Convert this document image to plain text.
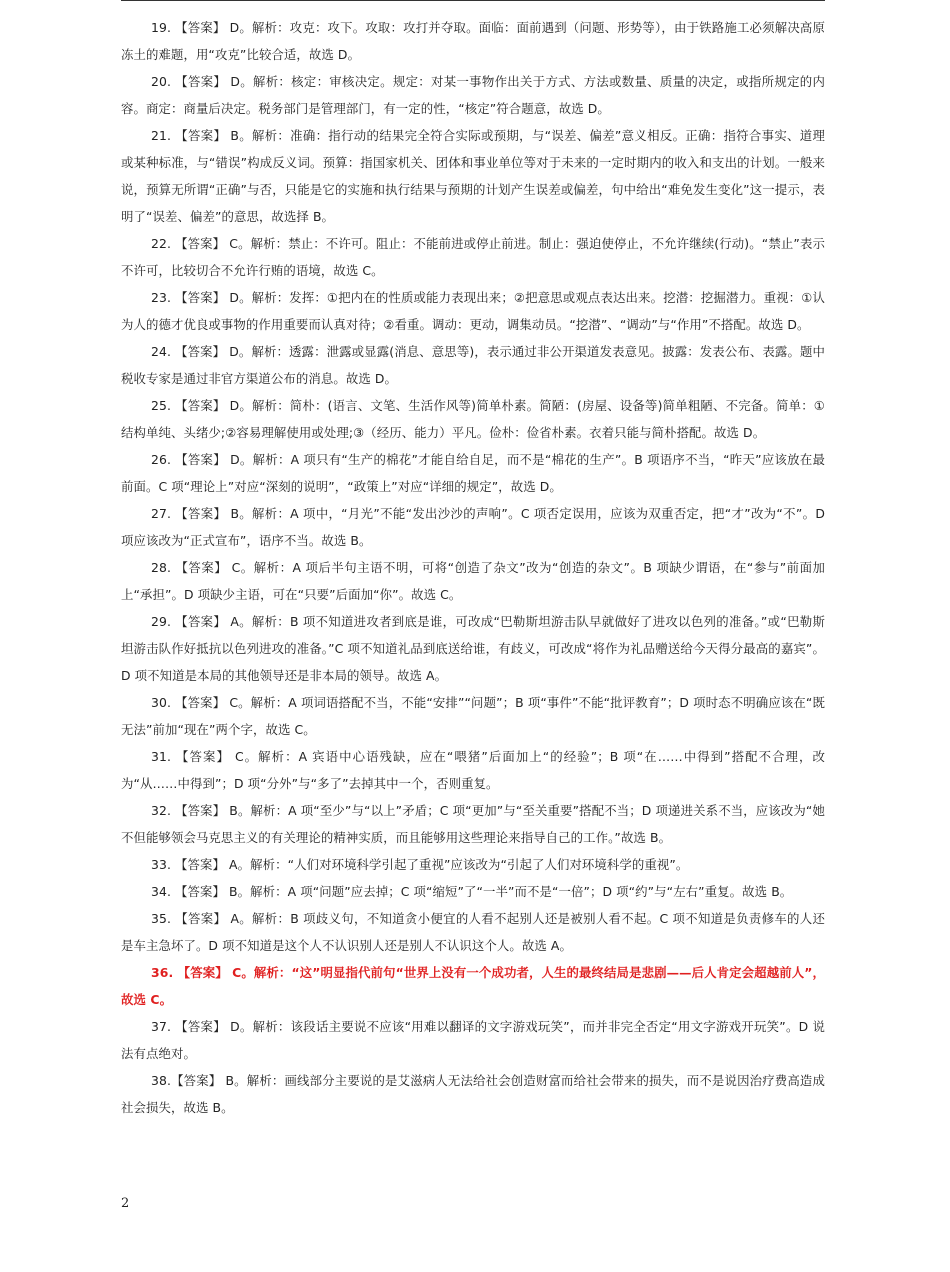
19. 【答案】 D。解析：攻克：攻下。攻取：攻打并夺取。面临：面前遇到（问题、形势等），由于铁路施工必须解决高原冻土的难题，用“攻克”比较合适，故选 D。

20. 【答案】 D。解析：核定：审核决定。规定：对某一事物作出关于方式、方法或数量、质量的决定，或指所规定的内容。商定：商量后决定。税务部门是管理部门，有一定的性，“核定”符合题意，故选 D。

21. 【答案】 B。解析：准确：指行动的结果完全符合实际或预期，与“误差、偏差”意义相反。正确：指符合事实、道理或某种标准，与“错误”构成反义词。预算：指国家机关、团体和事业单位等对于未来的一定时期内的收入和支出的计划。一般来说，预算无所谓“正确”与否，只能是它的实施和执行结果与预期的计划产生误差或偏差，句中给出“难免发生变化”这一提示，表明了“误差、偏差”的意思，故选择 B。

22. 【答案】 C。解析：禁止：不许可。阻止：不能前进或停止前进。制止：强迫使停止，不允许继续(行动)。“禁止”表示不许可，比较切合不允许行贿的语境，故选 C。

23. 【答案】 D。解析：发挥：①把内在的性质或能力表现出来；②把意思或观点表达出来。挖潜：挖掘潜力。重视：①认为人的德才优良或事物的作用重要而认真对待；②看重。调动：更动，调集动员。“挖潜”、“调动”与“作用”不搭配。故选 D。

24. 【答案】 D。解析：透露：泄露或显露(消息、意思等)，表示通过非公开渠道发表意见。披露：发表公布、表露。题中税收专家是通过非官方渠道公布的消息。故选 D。

25. 【答案】 D。解析：简朴：(语言、文笔、生活作风等)简单朴素。简陋：(房屋、设备等)简单粗陋、不完备。简单：①结构单纯、头绪少;②容易理解使用或处理;③（经历、能力）平凡。俭朴：俭省朴素。衣着只能与简朴搭配。故选 D。

26. 【答案】 D。解析：A 项只有“生产的棉花”才能自给自足，而不是“棉花的生产”。B 项语序不当，“昨天”应该放在最前面。C 项“理论上”对应“深刻的说明”，“政策上”对应“详细的规定”，故选 D。

27. 【答案】 B。解析：A 项中，“月光”不能“发出沙沙的声响”。C 项否定误用，应该为双重否定，把“才”改为“不”。D 项应该改为“正式宣布”，语序不当。故选 B。

28. 【答案】 C。解析：A 项后半句主语不明，可将“创造了杂文”改为“创造的杂文”。B 项缺少谓语，在“参与”前面加上“承担”。D 项缺少主语，可在“只要”后面加“你”。故选 C。

29. 【答案】 A。解析：B 项不知道进攻者到底是谁，可改成“巴勒斯坦游击队早就做好了进攻以色列的准备。”或“巴勒斯坦游击队作好抵抗以色列进攻的准备。”C 项不知道礼品到底送给谁，有歧义，可改成“将作为礼品赠送给今天得分最高的嘉宾”。D 项不知道是本局的其他领导还是非本局的领导。故选 A。

30. 【答案】 C。解析：A 项词语搭配不当，不能“安排”“问题”；B 项“事件”不能“批评教育”；D 项时态不明确应该在“既无法”前加“现在”两个字，故选 C。

31. 【答案】 C。解析：A 宾语中心语残缺，应在“喂猪”后面加上“的经验”；B 项“在……中得到”搭配不合理，改为“从……中得到”；D 项“分外”与“多了”去掉其中一个，否则重复。

32. 【答案】 B。解析：A 项“至少”与“以上”矛盾；C 项“更加”与“至关重要”搭配不当；D 项递进关系不当，应该改为“她不但能够领会马克思主义的有关理论的精神实质，而且能够用这些理论来指导自己的工作。”故选 B。

33. 【答案】 A。解析：“人们对环境科学引起了重视”应该改为“引起了人们对环境科学的重视”。

34. 【答案】 B。解析：A 项“问题”应去掉；C 项“缩短”了“一半”而不是“一倍”；D 项“约”与“左右”重复。故选 B。

35. 【答案】 A。解析：B 项歧义句，不知道贪小便宜的人看不起别人还是被别人看不起。C 项不知道是负责修车的人还是车主急坏了。D 项不知道是这个人不认识别人还是别人不认识这个人。故选 A。

36. 【答案】 C。解析：“这”明显指代前句“世界上没有一个成功者，人生的最终结局是悲剧——后人肯定会超越前人”，故选 C。

37. 【答案】 D。解析：该段话主要说不应该“用难以翻译的文字游戏玩笑”，而并非完全否定“用文字游戏开玩笑”。D 说法有点绝对。

38.【答案】 B。解析：画线部分主要说的是艾滋病人无法给社会创造财富而给社会带来的损失，而不是说因治疗费高造成社会损失，故选 B。

2
